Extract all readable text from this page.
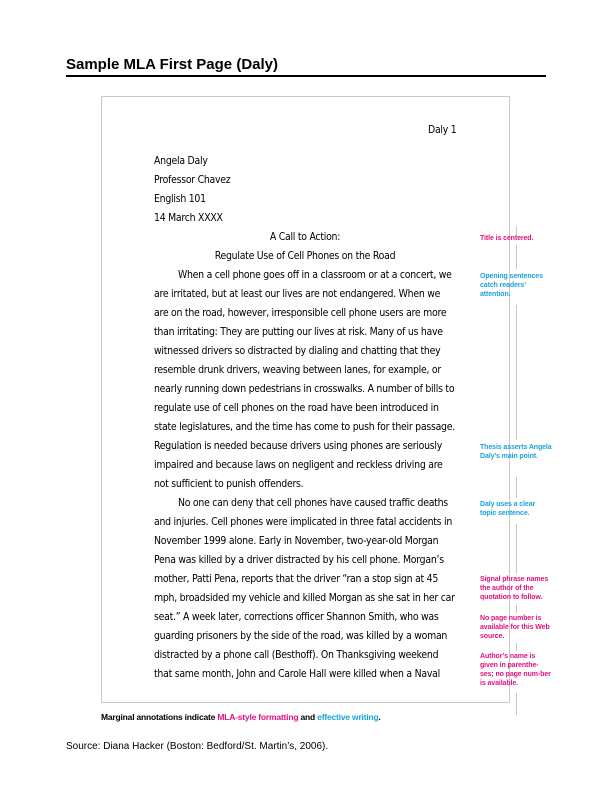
Sample MLA First Page (Daly)
Daly 1
Angela Daly
Professor Chavez
English 101
14 March XXXX
A Call to Action:
Regulate Use of Cell Phones on the Road
When a cell phone goes off in a classroom or at a concert, we
are irritated, but at least our lives are not endangered. When we
are on the road, however, irresponsible cell phone users are more
than irritating: They are putting our lives at risk. Many of us have
witnessed drivers so distracted by dialing and chatting that they
resemble drunk drivers, weaving between lanes, for example, or
nearly running down pedestrians in crosswalks. A number of bills to
regulate use of cell phones on the road have been introduced in
state legislatures, and the time has come to push for their passage.
Regulation is needed because drivers using phones are seriously
impaired and because laws on negligent and reckless driving are
not sufficient to punish offenders.
No one can deny that cell phones have caused traffic deaths
and injuries. Cell phones were implicated in three fatal accidents in
November 1999 alone. Early in November, two-year-old Morgan
Pena was killed by a driver distracted by his cell phone. Morgan’s
mother, Patti Pena, reports that the driver “ran a stop sign at 45
mph, broadsided my vehicle and killed Morgan as she sat in her car
seat.” A week later, corrections officer Shannon Smith, who was
guarding prisoners by the side of the road, was killed by a woman
distracted by a phone call (Besthoff). On Thanksgiving weekend
that same month, John and Carole Hall were killed when a Naval
Title is centered.
Opening sentences catch readers’ attention.
Thesis asserts Angela Daly’s main point.
Daly uses a clear topic sentence.
Signal phrase names the author of the quotation to follow.
No page number is available for this Web source.
Author’s name is given in parenthe-ses; no page num-ber is available.
Marginal annotations indicate MLA-style formatting and effective writing.
Source: Diana Hacker (Boston: Bedford/St. Martin’s, 2006).
